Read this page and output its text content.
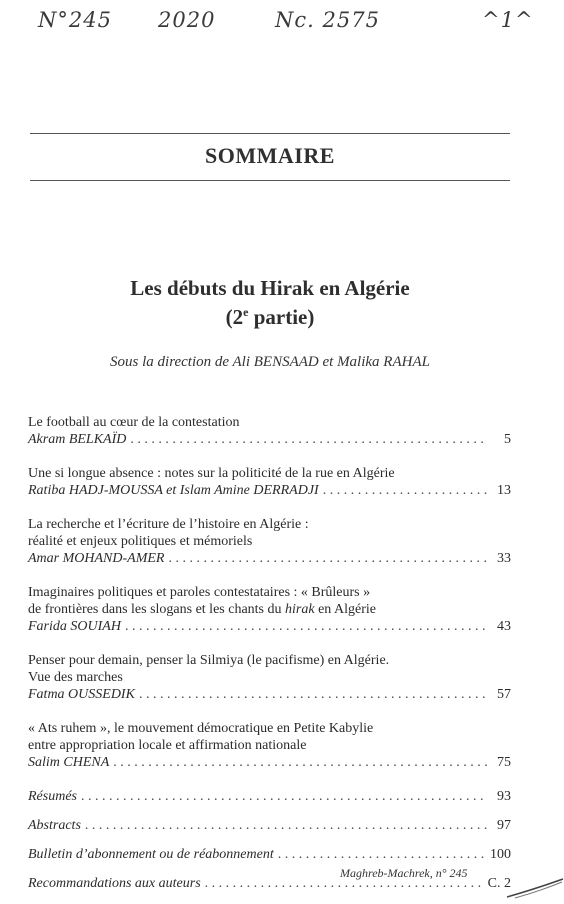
N°245 2020	Nc. 2575	^1^
SOMMAIRE
Les débuts du Hirak en Algérie
(2e partie)
Sous la direction de Ali BENSAAD et Malika RAHAL
Le football au cœur de la contestation
Akram BELKAÏD . . .	5
Une si longue absence : notes sur la politicité de la rue en Algérie
Ratiba HADJ-MOUSSA et Islam Amine DERRADJI . . .	13
La recherche et l’écriture de l’histoire en Algérie :
réalité et enjeux politiques et mémoriels
Amar MOHAND-AMER . . .	33
Imaginaires politiques et paroles contestataires : « Brûleurs »
de frontières dans les slogans et les chants du hirak en Algérie
Farida SOUIAH . . .	43
Penser pour demain, penser la Silmiya (le pacifisme) en Algérie.
Vue des marches
Fatma OUSSEDIK . . .	57
« Ats ruhem », le mouvement démocratique en Petite Kabylie
entre appropriation locale et affirmation nationale
Salim CHENA . . .	75
Résumés . . .	93
Abstracts . . .	97
Bulletin d’abonnement ou de réabonnement . . .	100
Recommandations aux auteurs . . .	C. 2
Maghreb-Machrek, n° 245
